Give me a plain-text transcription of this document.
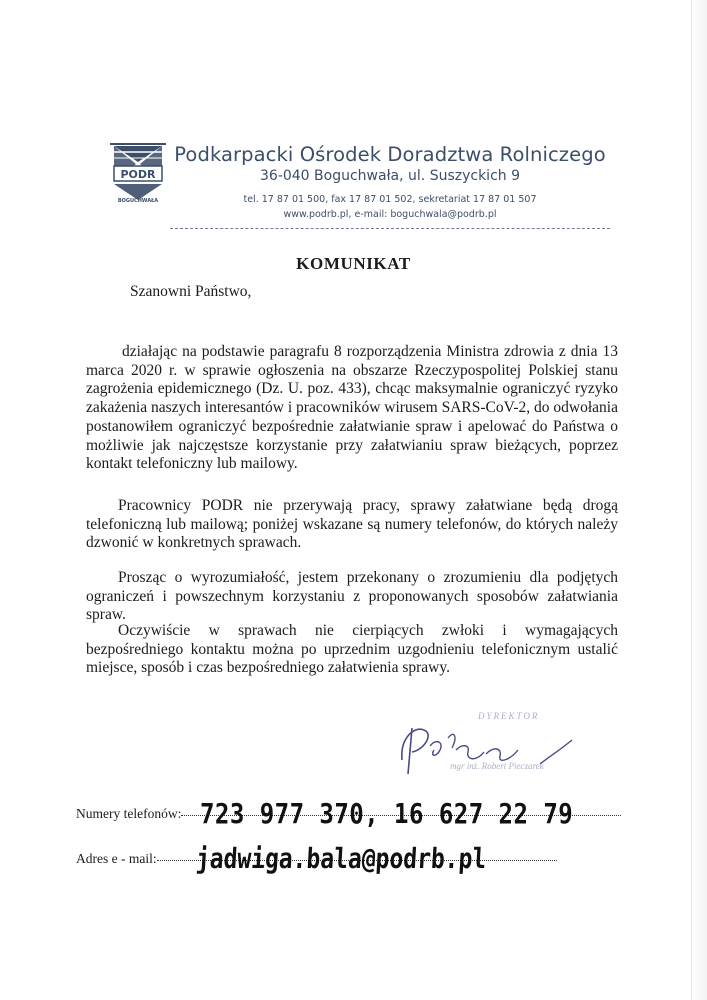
PODR
BOGUCHWAŁA
Podkarpacki Ośrodek Doradztwa Rolniczego
36-040 Boguchwała, ul. Suszyckich 9
tel. 17 87 01 500, fax 17 87 01 502, sekretariat 17 87 01 507
www.podrb.pl, e-mail: boguchwala@podrb.pl
KOMUNIKAT
Szanowni Państwo,
działając na podstawie paragrafu 8 rozporządzenia Ministra zdrowia z dnia 13 marca 2020 r. w sprawie ogłoszenia na obszarze Rzeczypospolitej Polskiej stanu zagrożenia epidemicznego (Dz. U. poz. 433), chcąc maksymalnie ograniczyć ryzyko zakażenia naszych interesantów i pracowników wirusem SARS-CoV-2, do odwołania postanowiłem ograniczyć bezpośrednie załatwianie spraw i apelować do Państwa o możliwie jak najczęstsze korzystanie przy załatwianiu spraw bieżących, poprzez kontakt telefoniczny lub mailowy.
Pracownicy PODR nie przerywają pracy, sprawy załatwiane będą drogą telefoniczną lub mailową; poniżej wskazane są numery telefonów, do których należy dzwonić w konkretnych sprawach.
Prosząc o wyrozumiałość, jestem przekonany o zrozumieniu dla podjętych ograniczeń i powszechnym korzystaniu z proponowanych sposobów załatwiania spraw.
Oczywiście w sprawach nie cierpiących zwłoki i wymagających bezpośredniego kontaktu można po uprzednim uzgodnieniu telefonicznym ustalić miejsce, sposób i czas bezpośredniego załatwienia sprawy.
DYREKTOR
mgr inż. Robert Pieczarek
Numery telefonów: 723 977 370, 16 627 22 79
Adres e - mail:	jadwiga.bala@podrb.pl
